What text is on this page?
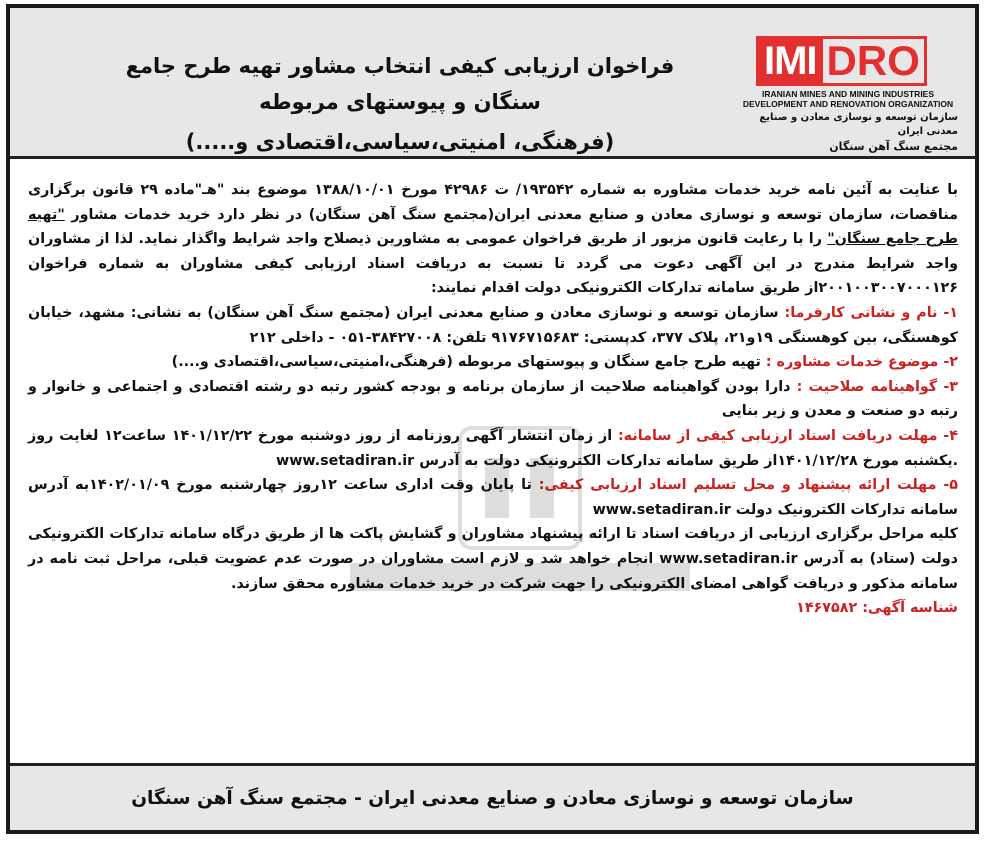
فراخوان ارزیابی کیفی انتخاب مشاور تهیه طرح جامع سنگان و پیوستهای مربوطه
(فرهنگی، امنیتی،سیاسی،اقتصادی و.....)
IMI DRO
IRANIAN MINES AND MINING INDUSTRIES
DEVELOPMENT AND RENOVATION ORGANIZATION
سازمان توسعه و نوسازی معادن و صنایع معدنی ایران
مجتمع سنگ آهن سنگان

با عنایت به آئین نامه خرید خدمات مشاوره به شماره ۱۹۳۵۴۲/ ت ۴۲۹۸۶ مورخ ۱۳۸۸/۱۰/۰۱ موضوع بند "هـ"ماده ۲۹ قانون برگزاری مناقصات، سازمان توسعه و نوسازی معادن و صنایع معدنی ایران(مجتمع سنگ آهن سنگان) در نظر دارد خرید خدمات مشاور "تهیه طرح جامع سنگان" را با رعایت قانون مزبور از طریق فراخوان عمومی به مشاورین ذیصلاح واجد شرایط واگذار نماید. لذا از مشاوران واجد شرایط مندرج در این آگهی دعوت می گردد تا نسبت به دریافت اسناد ارزیابی کیفی مشاوران به شماره فراخوان ۲۰۰۱۰۰۳۰۰۷۰۰۰۱۲۶از طریق سامانه تدارکات الکترونیکی دولت اقدام نمایند:

۱- نام و نشانی کارفرما: سازمان توسعه و نوسازی معادن و صنایع معدنی ایران (مجتمع سنگ آهن سنگان) به نشانی: مشهد، خیابان کوهسنگی، بین کوهسنگی ۱۹و۲۱، پلاک ۳۷۷، کدپستی: ۹۱۷۶۷۱۵۶۸۳ تلفن: ۳۸۴۲۷۰۰۸-۰۵۱ - داخلی ۲۱۲

۲- موضوع خدمات مشاوره : تهیه طرح جامع سنگان و پیوستهای مربوطه (فرهنگی،امنیتی،سیاسی،اقتصادی و....)

۳- گواهینامه صلاحیت : دارا بودن گواهینامه صلاحیت از سازمان برنامه و بودجه کشور رتبه دو رشته اقتصادی و اجتماعی و خانوار و رتبه دو صنعت و معدن و زیر بنایی

۴- مهلت دریافت اسناد ارزیابی کیفی از سامانه: از زمان انتشار آگهی روزنامه از روز دوشنبه مورخ ۱۴۰۱/۱۲/۲۲ ساعت۱۲ لغایت روز .یکشنبه مورخ ۱۴۰۱/۱۲/۲۸از طریق سامانه تدارکات الکترونیکی دولت به آدرس www.setadiran.ir

۵- مهلت ارائه پیشنهاد و محل تسلیم اسناد ارزیابی کیفی: تا پایان وقت اداری ساعت ۱۲روز چهارشنبه مورخ ۱۴۰۲/۰۱/۰۹به آدرس سامانه تدارکات الکترونیک دولت www.setadiran.ir

کلیه مراحل برگزاری ارزیابی از دریافت اسناد تا ارائه پیشنهاد مشاوران و گشایش پاکت ها از طریق درگاه سامانه تدارکات الکترونیکی دولت (ستاد) به آدرس www.setadiran.ir انجام خواهد شد و لازم است مشاوران در صورت عدم عضویت قبلی، مراحل ثبت نامه در سامانه مذکور و دریافت گواهی امضای الکترونیکی را جهت شرکت در خرید خدمات مشاوره محقق سازند.

شناسه آگهی: ۱۴۶۷۵۸۲

سازمان توسعه و نوسازی معادن و صنایع معدنی ایران - مجتمع سنگ آهن سنگان
